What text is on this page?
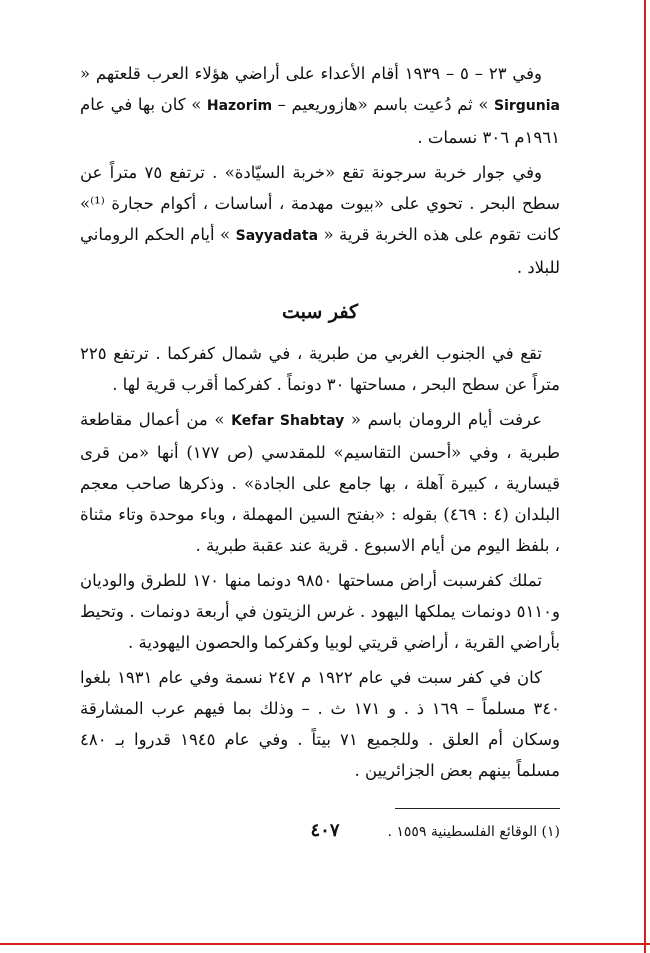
وفي ٢٣ – ٥ – ١٩٣٩ أقام الأعداء على أراضي هؤلاء العرب قلعتهم « Sirgunia » ثم دُعيت باسم «هازوريعيم – Hazorim » كان بها في عام ١٩٦١م ٣٠٦ نسمات .

وفي جوار خربة سرجونة تقع «خربة السيّادة» . ترتفع ٧٥ متراً عن سطح البحر . تحوي على «بيوت مهدمة ، أساسات ، أكوام حجارة ⁽¹⁾» كانت تقوم على هذه الخربة قرية « Sayyadata » أيام الحكم الروماني للبلاد .

كفر سبت

تقع في الجنوب الغربي من طبرية ، في شمال كفركما . ترتفع ٢٢٥ متراً عن سطح البحر ، مساحتها ٣٠ دونماً . كفركما أقرب قرية لها .

عرفت أيام الرومان باسم « Kefar Shabtay » من أعمال مقاطعة طبرية ، وفي «أحسن التقاسيم» للمقدسي (ص ١٧٧) أنها «من قرى قيسارية ، كبيرة آهلة ، بها جامع على الجادة» . وذكرها صاحب معجم البلدان (٤ : ٤٦٩) بقوله : «بفتح السين المهملة ، وباء موحدة وتاء مثناة ، بلفظ اليوم من أيام الاسبوع . قرية عند عقبة طبرية .

تملك كفرسبت أراض مساحتها ٩٨٥٠ دونما منها ١٧٠ للطرق والوديان و٥١١٠ دونمات يملكها اليهود . غرس الزيتون في أربعة دونمات . وتحيط بأراضي القرية ، أراضي قريتي لوبيا وكفركما والحصون اليهودية .

كان في كفر سبت في عام ١٩٢٢ م ٢٤٧ نسمة وفي عام ١٩٣١ بلغوا ٣٤٠ مسلماً – ١٦٩ ذ . و ١٧١ ث . – وذلك بما فيهم عرب المشارقة وسكان أم العلق . وللجميع ٧١ بيتاً . وفي عام ١٩٤٥ قدروا بـ ٤٨٠ مسلماً بينهم بعض الجزائريين .

(١) الوقائع الفلسطينية ١٥٥٩ .

٤٠٧
